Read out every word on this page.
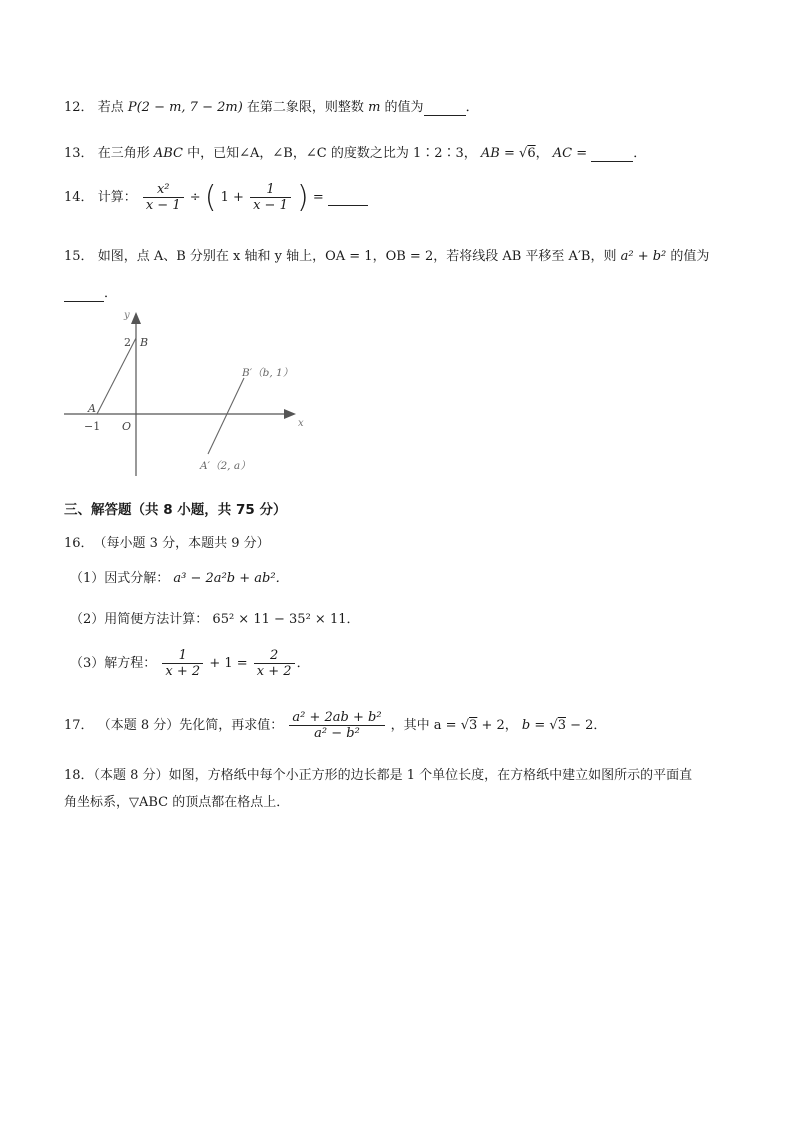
12． 若点 P(2 − m, 7 − 2m) 在第二象限，则整数 m 的值为	．
13． 在三角形 ABC 中，已知∠A，∠B，∠C 的度数之比为 1∶2∶3， AB = √6， AC =	．
14． 计算： $\frac{\text{x²}}{x - 1}$ ÷ ( $1 + \frac{1}{x - 1}$ ) =
15． 如图，点 A、B 分别在 x 轴和 y 轴上，OA = 1，OB = 2，若将线段 AB 平移至 A′B，则 a² + b² 的值为
．
y
x
B
2
A
−1 O
B′（b, 1）
A′（2, a）
三、解答题（共 8 小题，共 75 分）
16．　（每小题 3 分，本题共 9 分）
（1）因式分解： a³ − 2a²b + ab²．
（2）用简便方法计算： 65² × 11 − 35² × 11．
（3）解方程： $\frac{1}{x + 2} + 1 = \frac{2}{x + 2}$ ．
17． （本题 8 分）先化简，再求值： $\frac{\text{a² + 2ab + b²}}{\text{a² − b²}}$ ，其中 a = √3 + 2， b = √3 − 2．
18．（本题 8 分）如图，方格纸中每个小正方形的边长都是 1 个单位长度，在方格纸中建立如图所示的平面直
角坐标系，▽ABC 的顶点都在格点上．
